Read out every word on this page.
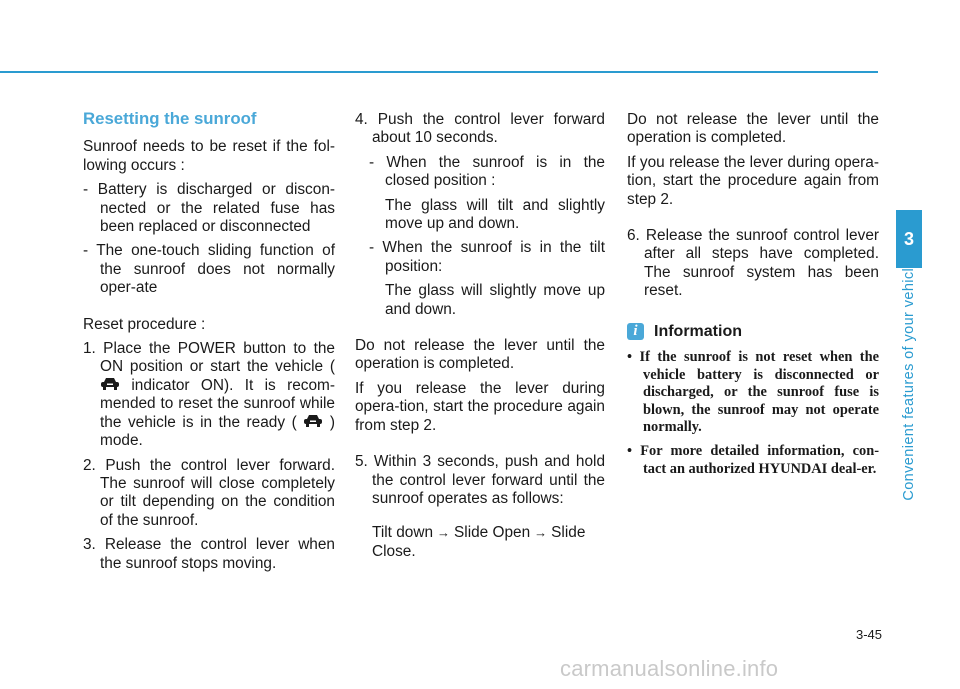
Resetting the sunroof

Sunroof needs to be reset if the fol-lowing occurs :

- Battery is discharged or discon-nected or the related fuse has been replaced or disconnected

- The one-touch sliding function of the sunroof does not normally oper-ate

Reset procedure :

1. Place the POWER button to the ON position or start the vehicle ( indicator ON). It is recom-mended to reset the sunroof while the vehicle is in the ready ( ) mode.

2. Push the control lever forward. The sunroof will close completely or tilt depending on the condition of the sunroof.

3. Release the control lever when the sunroof stops moving.

4. Push the control lever forward about 10 seconds.

- When the sunroof is in the closed position :

The glass will tilt and slightly move up and down.

- When the sunroof is in the tilt position:

The glass will slightly move up and down.

Do not release the lever until the operation is completed.

If you release the lever during opera-tion, start the procedure again from step 2.

5. Within 3 seconds, push and hold the control lever forward until the sunroof operates as follows:

Tilt down → Slide Open → Slide Close.

Do not release the lever until the operation is completed.

If you release the lever during opera-tion, start the procedure again from step 2.

6. Release the sunroof control lever after all steps have completed. The sunroof system has been reset.

i	Information

• If the sunroof is not reset when the vehicle battery is disconnected or discharged, or the sunroof fuse is blown, the sunroof may not operate normally.

• For more detailed information, con-tact an authorized HYUNDAI deal-er.

3
Convenient features of your vehicle
3-45
carmanualsonline.info
